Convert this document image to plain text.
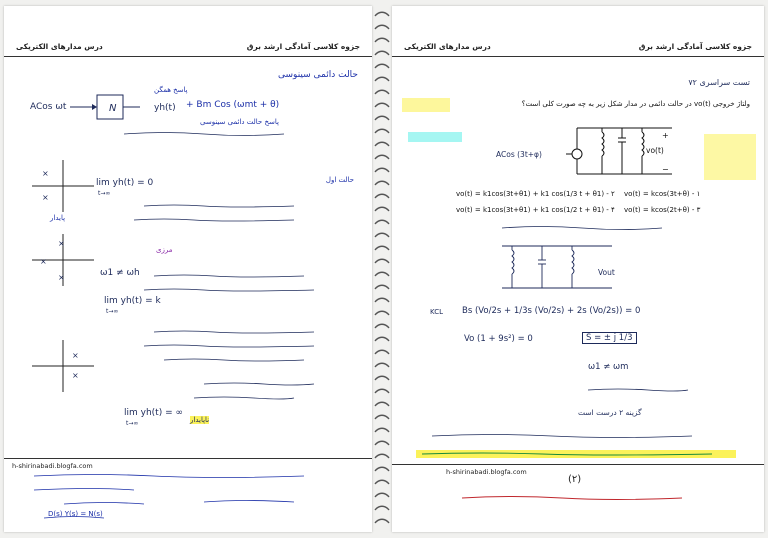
درس مدارهای الکتریکی	جزوه کلاسی آمادگی ارشد برق
حالت دائمی سینوسی
ACos ωt	N	yh(t) + Bm Cos (ωmt + θ)
پاسخ حالت دائمی سینوسی
پاسخ همگن
×
×
lim yh(t) = 0
t→∞
حالت اول
پایدار
×
×
×
ω1 ≠ ωh
مرزی
lim yh(t) = k
t→∞
×
×
lim yh(t) = ∞
t→∞	ناپایدار
h-shirinabadi.blogfa.com
D(s) Y(s) = N(s)
درس مدارهای الکتریکی	جزوه کلاسی آمادگی ارشد برق
تست سراسری ۷۲
ولتاژ خروجی (vo(t در حالت دائمی در مدار شکل زیر به چه صورت کلی است؟
ACos (3t+φ)
+
−
vo(t)
vo(t) = k1cos(3t+θ1) + k1 cos(1/3 t + θ1) - ۲ vo(t) = kcos(3t+θ) - ۱
vo(t) = k1cos(3t+θ1) + k1 cos(1/2 t + θ1) - ۴ vo(t) = kcos(2t+θ) - ۳
Vout
KCL Bs (Vo/2s + 1/3s (Vo/2s) + 2s (Vo/2s)) = 0
Vo (1 + 9s²) = 0	S = ± j 1/3
ω1 ≠ ωm
گزینه ۲ درست است
h-shirinabadi.blogfa.com
(۲)
